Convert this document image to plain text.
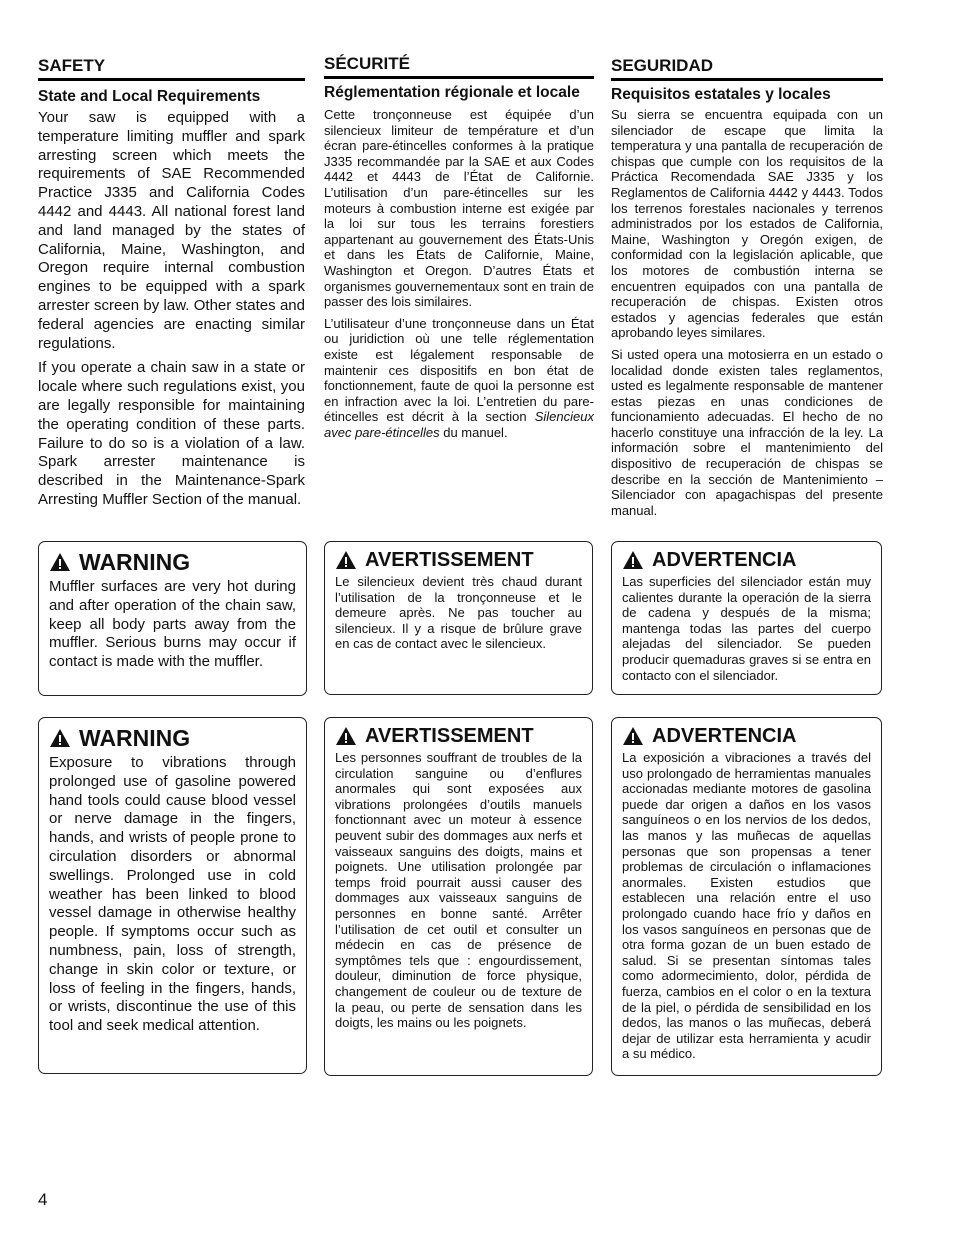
SAFETY
State and Local Requirements

Your saw is equipped with a temperature limiting muffler and spark arresting screen which meets the requirements of SAE Recommended Practice J335 and California Codes 4442 and 4443. All national forest land and land managed by the states of California, Maine, Washington, and Oregon require internal combustion engines to be equipped with a spark arrester screen by law. Other states and federal agencies are enacting similar regulations.

If you operate a chain saw in a state or locale where such regulations exist, you are legally responsible for maintaining the operating condition of these parts. Failure to do so is a violation of a law. Spark arrester maintenance is described in the Maintenance-Spark Arresting Muffler Section of the manual.

SÉCURITÉ
Réglementation régionale et locale

Cette tronçonneuse est équipée d’un silencieux limiteur de température et d’un écran pare-étincelles conformes à la pratique J335 recommandée par la SAE et aux Codes 4442 et 4443 de l’État de Californie. L’utilisation d’un pare-étincelles sur les moteurs à combustion interne est exigée par la loi sur tous les terrains forestiers appartenant au gouvernement des États-Unis et dans les États de Californie, Maine, Washington et Oregon. D’autres États et organismes gouvernementaux sont en train de passer des lois similaires.

L’utilisateur d’une tronçonneuse dans un État ou juridiction où une telle réglementation existe est légalement responsable de maintenir ces dispositifs en bon état de fonctionnement, faute de quoi la personne est en infraction avec la loi. L’entretien du pare-étincelles est décrit à la section Silencieux avec pare-étincelles du manuel.

SEGURIDAD
Requisitos estatales y locales

Su sierra se encuentra equipada con un silenciador de escape que limita la temperatura y una pantalla de recuperación de chispas que cumple con los requisitos de la Práctica Recomendada SAE J335 y los Reglamentos de California 4442 y 4443. Todos los terrenos forestales nacionales y terrenos administrados por los estados de California, Maine, Washington y Oregón exigen, de conformidad con la legislación aplicable, que los motores de combustión interna se encuentren equipados con una pantalla de recuperación de chispas. Existen otros estados y agencias federales que están aprobando leyes similares.

Si usted opera una motosierra en un estado o localidad donde existen tales reglamentos, usted es legalmente responsable de mantener estas piezas en unas condiciones de funcionamiento adecuadas. El hecho de no hacerlo constituye una infracción de la ley. La información sobre el mantenimiento del dispositivo de recuperación de chispas se describe en la sección de Mantenimiento – Silenciador con apagachispas del presente manual.

WARNING

Muffler surfaces are very hot during and after operation of the chain saw, keep all body parts away from the muffler. Serious burns may occur if contact is made with the muffler.

AVERTISSEMENT

Le silencieux devient très chaud durant l’utilisation de la tronçonneuse et le demeure après. Ne pas toucher au silencieux. Il y a risque de brûlure grave en cas de contact avec le silencieux.

ADVERTENCIA

Las superficies del silenciador están muy calientes durante la operación de la sierra de cadena y después de la misma; mantenga todas las partes del cuerpo alejadas del silenciador. Se pueden producir quemaduras graves si se entra en contacto con el silenciador.

WARNING

Exposure to vibrations through prolonged use of gasoline powered hand tools could cause blood vessel or nerve damage in the fingers, hands, and wrists of people prone to circulation disorders or abnormal swellings. Prolonged use in cold weather has been linked to blood vessel damage in otherwise healthy people. If symptoms occur such as numbness, pain, loss of strength, change in skin color or texture, or loss of feeling in the fingers, hands, or wrists, discontinue the use of this tool and seek medical attention.

AVERTISSEMENT

Les personnes souffrant de troubles de la circulation sanguine ou d’enflures anormales qui sont exposées aux vibrations prolongées d’outils manuels fonctionnant avec un moteur à essence peuvent subir des dommages aux nerfs et vaisseaux sanguins des doigts, mains et poignets. Une utilisation prolongée par temps froid pourrait aussi causer des dommages aux vaisseaux sanguins de personnes en bonne santé. Arrêter l’utilisation de cet outil et consulter un médecin en cas de présence de symptômes tels que : engourdissement, douleur, diminution de force physique, changement de couleur ou de texture de la peau, ou perte de sensation dans les doigts, les mains ou les poignets.

ADVERTENCIA

La exposición a vibraciones a través del uso prolongado de herramientas manuales accionadas mediante motores de gasolina puede dar origen a daños en los vasos sanguíneos o en los nervios de los dedos, las manos y las muñecas de aquellas personas que son propensas a tener problemas de circulación o inflamaciones anormales. Existen estudios que establecen una relación entre el uso prolongado cuando hace frío y daños en los vasos sanguíneos en personas que de otra forma gozan de un buen estado de salud. Si se presentan síntomas tales como adormecimiento, dolor, pérdida de fuerza, cambios en el color o en la textura de la piel, o pérdida de sensibilidad en los dedos, las manos o las muñecas, deberá dejar de utilizar esta herramienta y acudir a su médico.

4
